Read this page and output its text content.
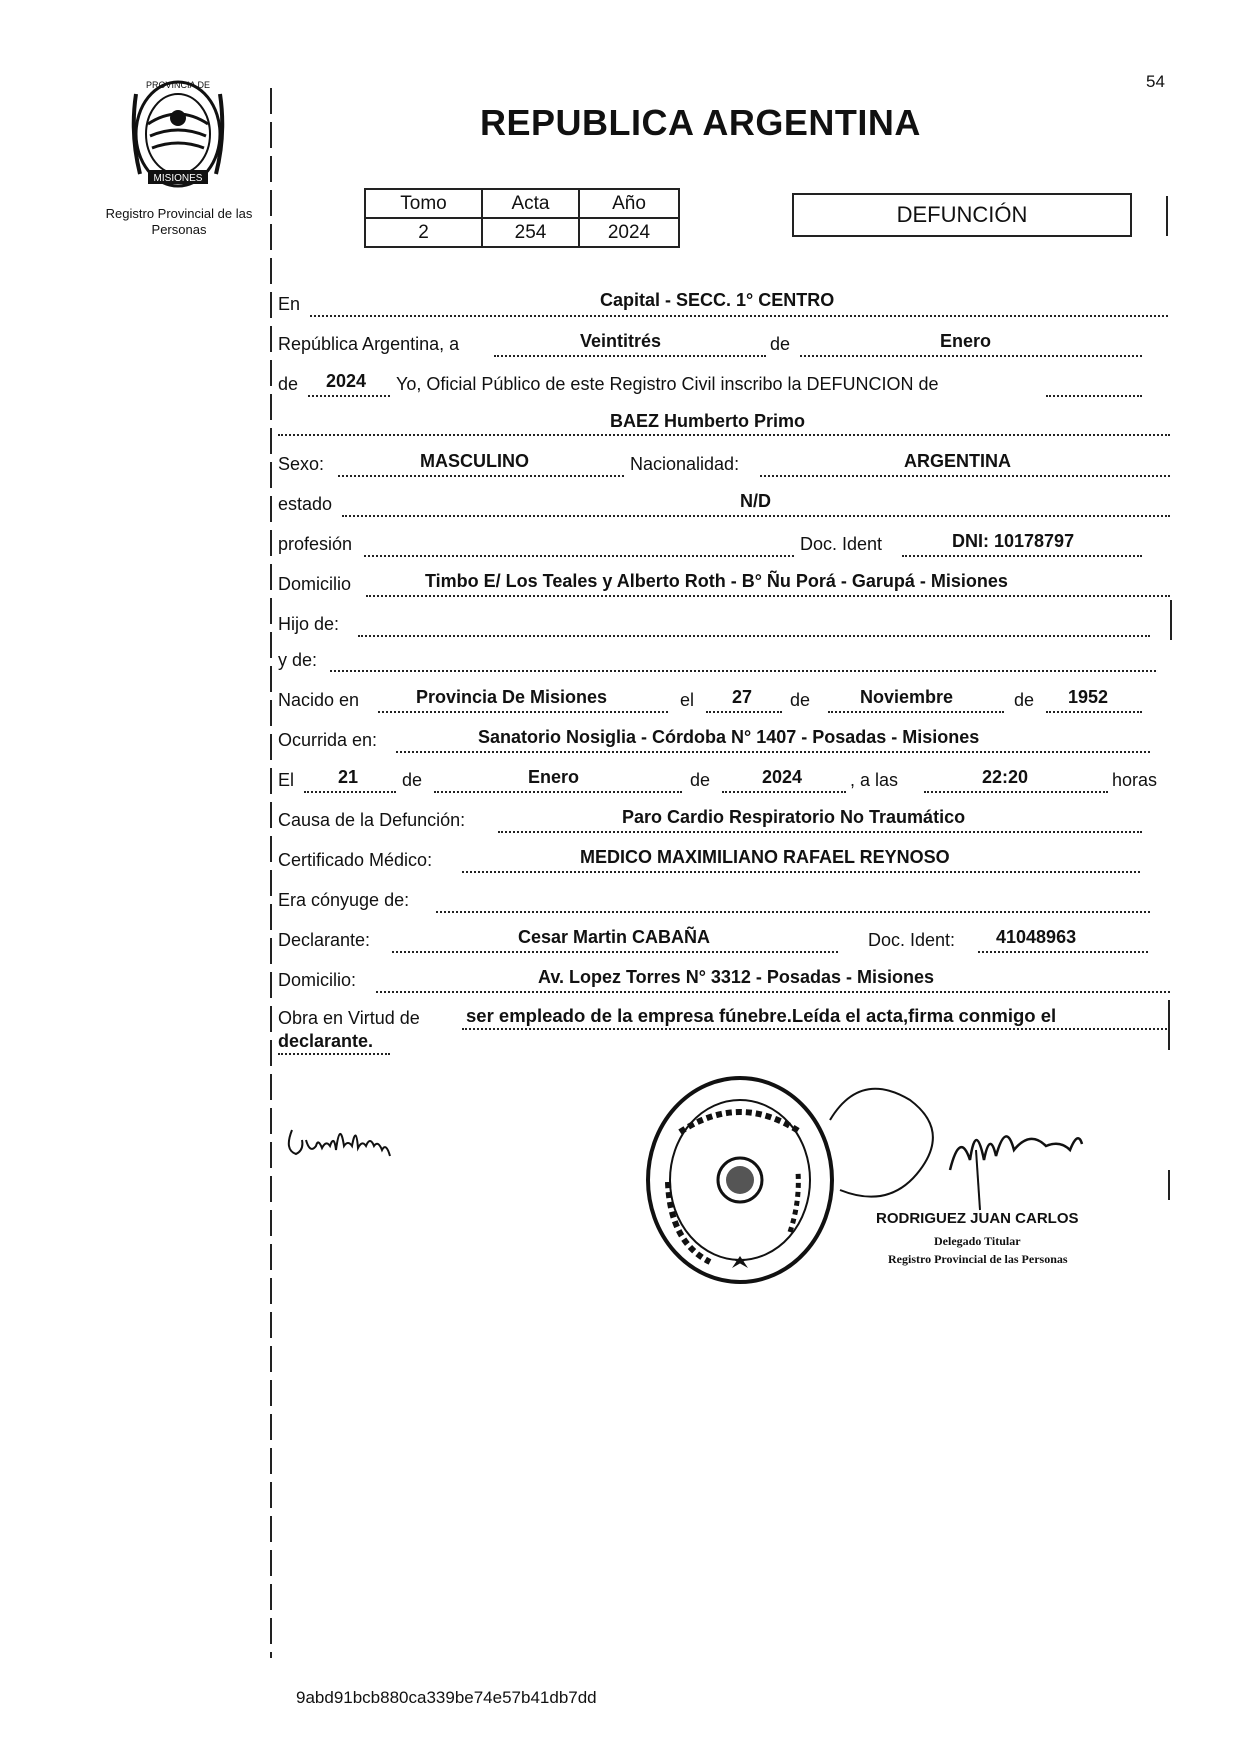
54
MISIONES
PROVINCIA DE
Registro Provincial de las Personas
REPUBLICA ARGENTINA
Tomo	Acta	Año
2	254	2024
DEFUNCIÓN
En	Capital - SECC. 1° CENTRO
República Argentina, a	Veintitrés	de	Enero
de 2024 Yo, Oficial Público de este Registro Civil inscribo la DEFUNCION de
BAEZ Humberto Primo
Sexo:	MASCULINO	Nacionalidad:	ARGENTINA
estado	N/D
profesión	Doc. Ident	DNI: 10178797
Domicilio	Timbo E/ Los Teales y Alberto Roth - B° Ñu Porá - Garupá - Misiones
Hijo de:
y de:
Nacido en	Provincia De Misiones	el 27 de	Noviembre	de 1952
Ocurrida en:	Sanatorio Nosiglia - Córdoba N° 1407 - Posadas - Misiones
El 21 de	Enero	de	2024	, a las	22:20	horas
Causa de la Defunción:	Paro Cardio Respiratorio No Traumático
Certificado Médico:	MEDICO MAXIMILIANO RAFAEL REYNOSO
Era cónyuge de:
Declarante:	Cesar Martin CABAÑA	Doc. Ident: 41048963
Domicilio:	Av. Lopez Torres N° 3312 - Posadas - Misiones
Obra en Virtud de ser empleado de la empresa fúnebre.Leída el acta,firma conmigo el
declarante.
RODRIGUEZ JUAN CARLOS
Delegado Titular
Registro Provincial de las Personas
9abd91bcb880ca339be74e57b41db7dd
